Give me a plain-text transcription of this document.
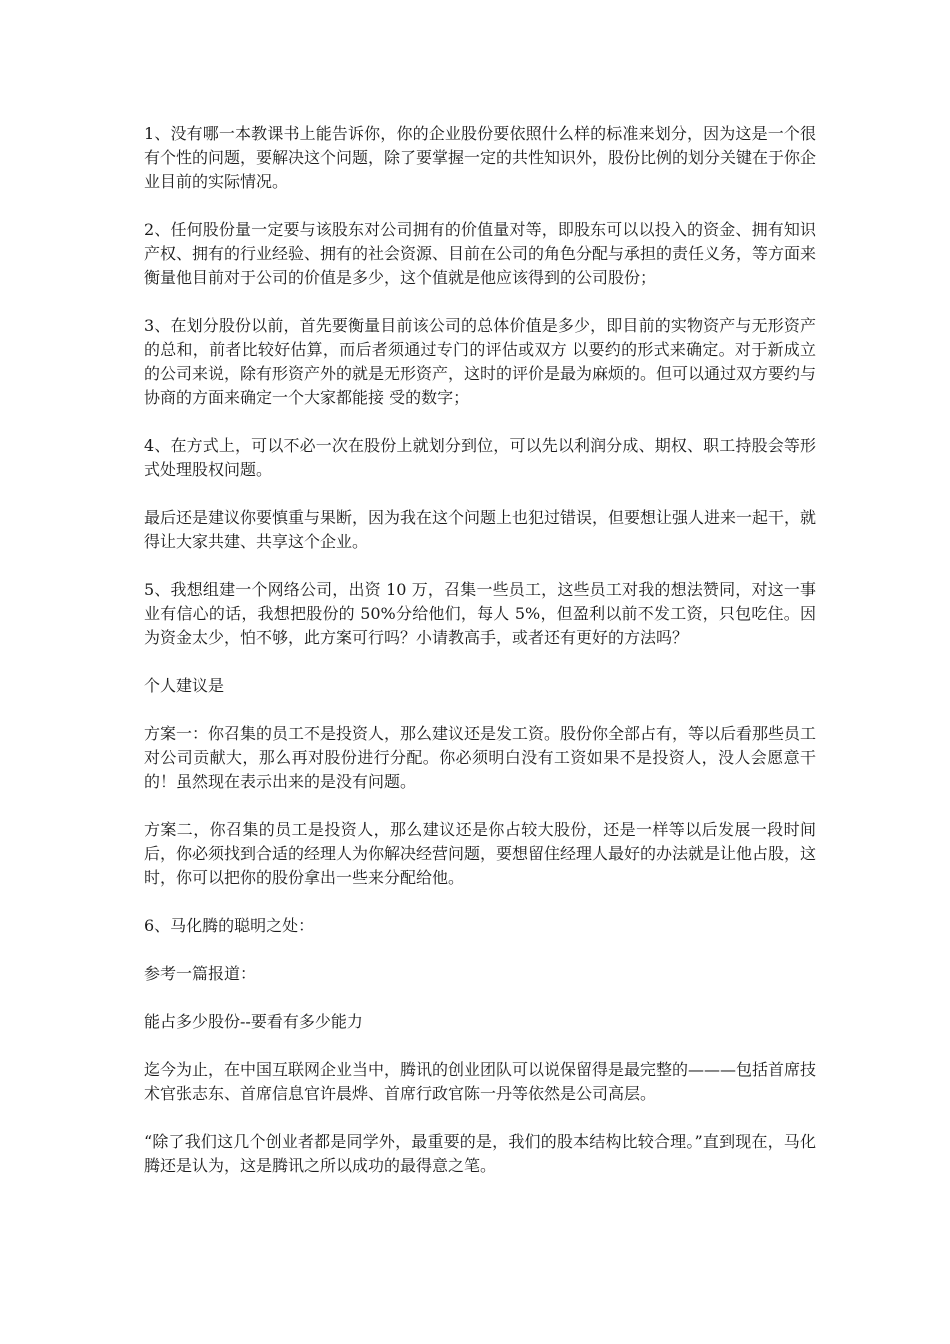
1、没有哪一本教课书上能告诉你，你的企业股份要依照什么样的标准来划分，因为这是一个很有个性的问题，要解决这个问题，除了要掌握一定的共性知识外，股份比例的划分关键在于你企业目前的实际情况。

2、任何股份量一定要与该股东对公司拥有的价值量对等，即股东可以以投入的资金、拥有知识产权、拥有的行业经验、拥有的社会资源、目前在公司的角色分配与承担的责任义务，等方面来衡量他目前对于公司的价值是多少，这个值就是他应该得到的公司股份；

3、在划分股份以前，首先要衡量目前该公司的总体价值是多少，即目前的实物资产与无形资产的总和，前者比较好估算，而后者须通过专门的评估或双方 以要约的形式来确定。对于新成立的公司来说，除有形资产外的就是无形资产，这时的评价是最为麻烦的。但可以通过双方要约与协商的方面来确定一个大家都能接 受的数字；

4、在方式上，可以不必一次在股份上就划分到位，可以先以利润分成、期权、职工持股会等形式处理股权问题。

最后还是建议你要慎重与果断，因为我在这个问题上也犯过错误，但要想让强人进来一起干，就得让大家共建、共享这个企业。

5、我想组建一个网络公司，出资 10 万，召集一些员工，这些员工对我的想法赞同，对这一事业有信心的话，我想把股份的 50%分给他们，每人 5%，但盈利以前不发工资，只包吃住。因为资金太少，怕不够，此方案可行吗？小请教高手，或者还有更好的方法吗？

个人建议是

方案一：你召集的员工不是投资人，那么建议还是发工资。股份你全部占有，等以后看那些员工对公司贡献大，那么再对股份进行分配。你必须明白没有工资如果不是投资人，没人会愿意干的！虽然现在表示出来的是没有问题。

方案二，你召集的员工是投资人，那么建议还是你占较大股份，还是一样等以后发展一段时间后，你必须找到合适的经理人为你解决经营问题，要想留住经理人最好的办法就是让他占股，这时，你可以把你的股份拿出一些来分配给他。

6、马化腾的聪明之处：

参考一篇报道：

能占多少股份--要看有多少能力

迄今为止，在中国互联网企业当中，腾讯的创业团队可以说保留得是最完整的———包括首席技术官张志东、首席信息官许晨烨、首席行政官陈一丹等依然是公司高层。

“除了我们这几个创业者都是同学外，最重要的是，我们的股本结构比较合理。”直到现在，马化腾还是认为，这是腾讯之所以成功的最得意之笔。
